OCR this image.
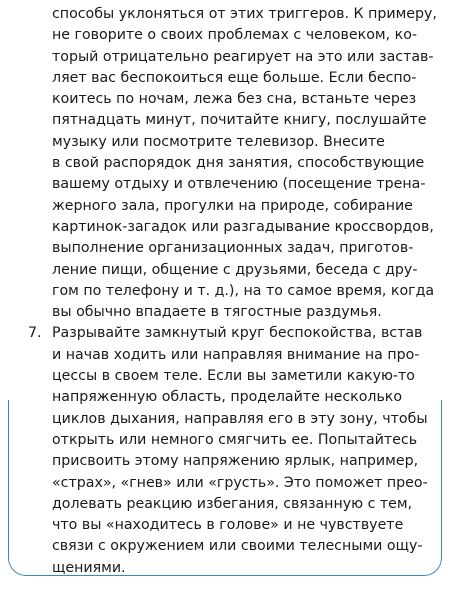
способы уклоняться от этих триггеров. К примеру,
не говорите о своих проблемах с человеком, ко-
торый отрицательно реагирует на это или застав-
ляет вас беспокоиться еще больше. Если беспо-
коитесь по ночам, лежа без сна, встаньте через
пятнадцать минут, почитайте книгу, послушайте
музыку или посмотрите телевизор. Внесите
в свой распорядок дня занятия, способствующие
вашему отдыху и отвлечению (посещение трена-
жерного зала, прогулки на природе, собирание
картинок-загадок или разгадывание кроссвордов,
выполнение организационных задач, приготов-
ление пищи, общение с друзьями, беседа с дру-
гом по телефону и т. д.), на то самое время, когда
вы обычно впадаете в тягостные раздумья.
7. Разрывайте замкнутый круг беспокойства, встав
и начав ходить или направляя внимание на про-
цессы в своем теле. Если вы заметили какую-то
напряженную область, проделайте несколько
циклов дыхания, направляя его в эту зону, чтобы
открыть или немного смягчить ее. Попытайтесь
присвоить этому напряжению ярлык, например,
«страх», «гнев» или «грусть». Это поможет прео-
долевать реакцию избегания, связанную с тем,
что вы «находитесь в голове» и не чувствуете
связи с окружением или своими телесными ощу-
щениями.
